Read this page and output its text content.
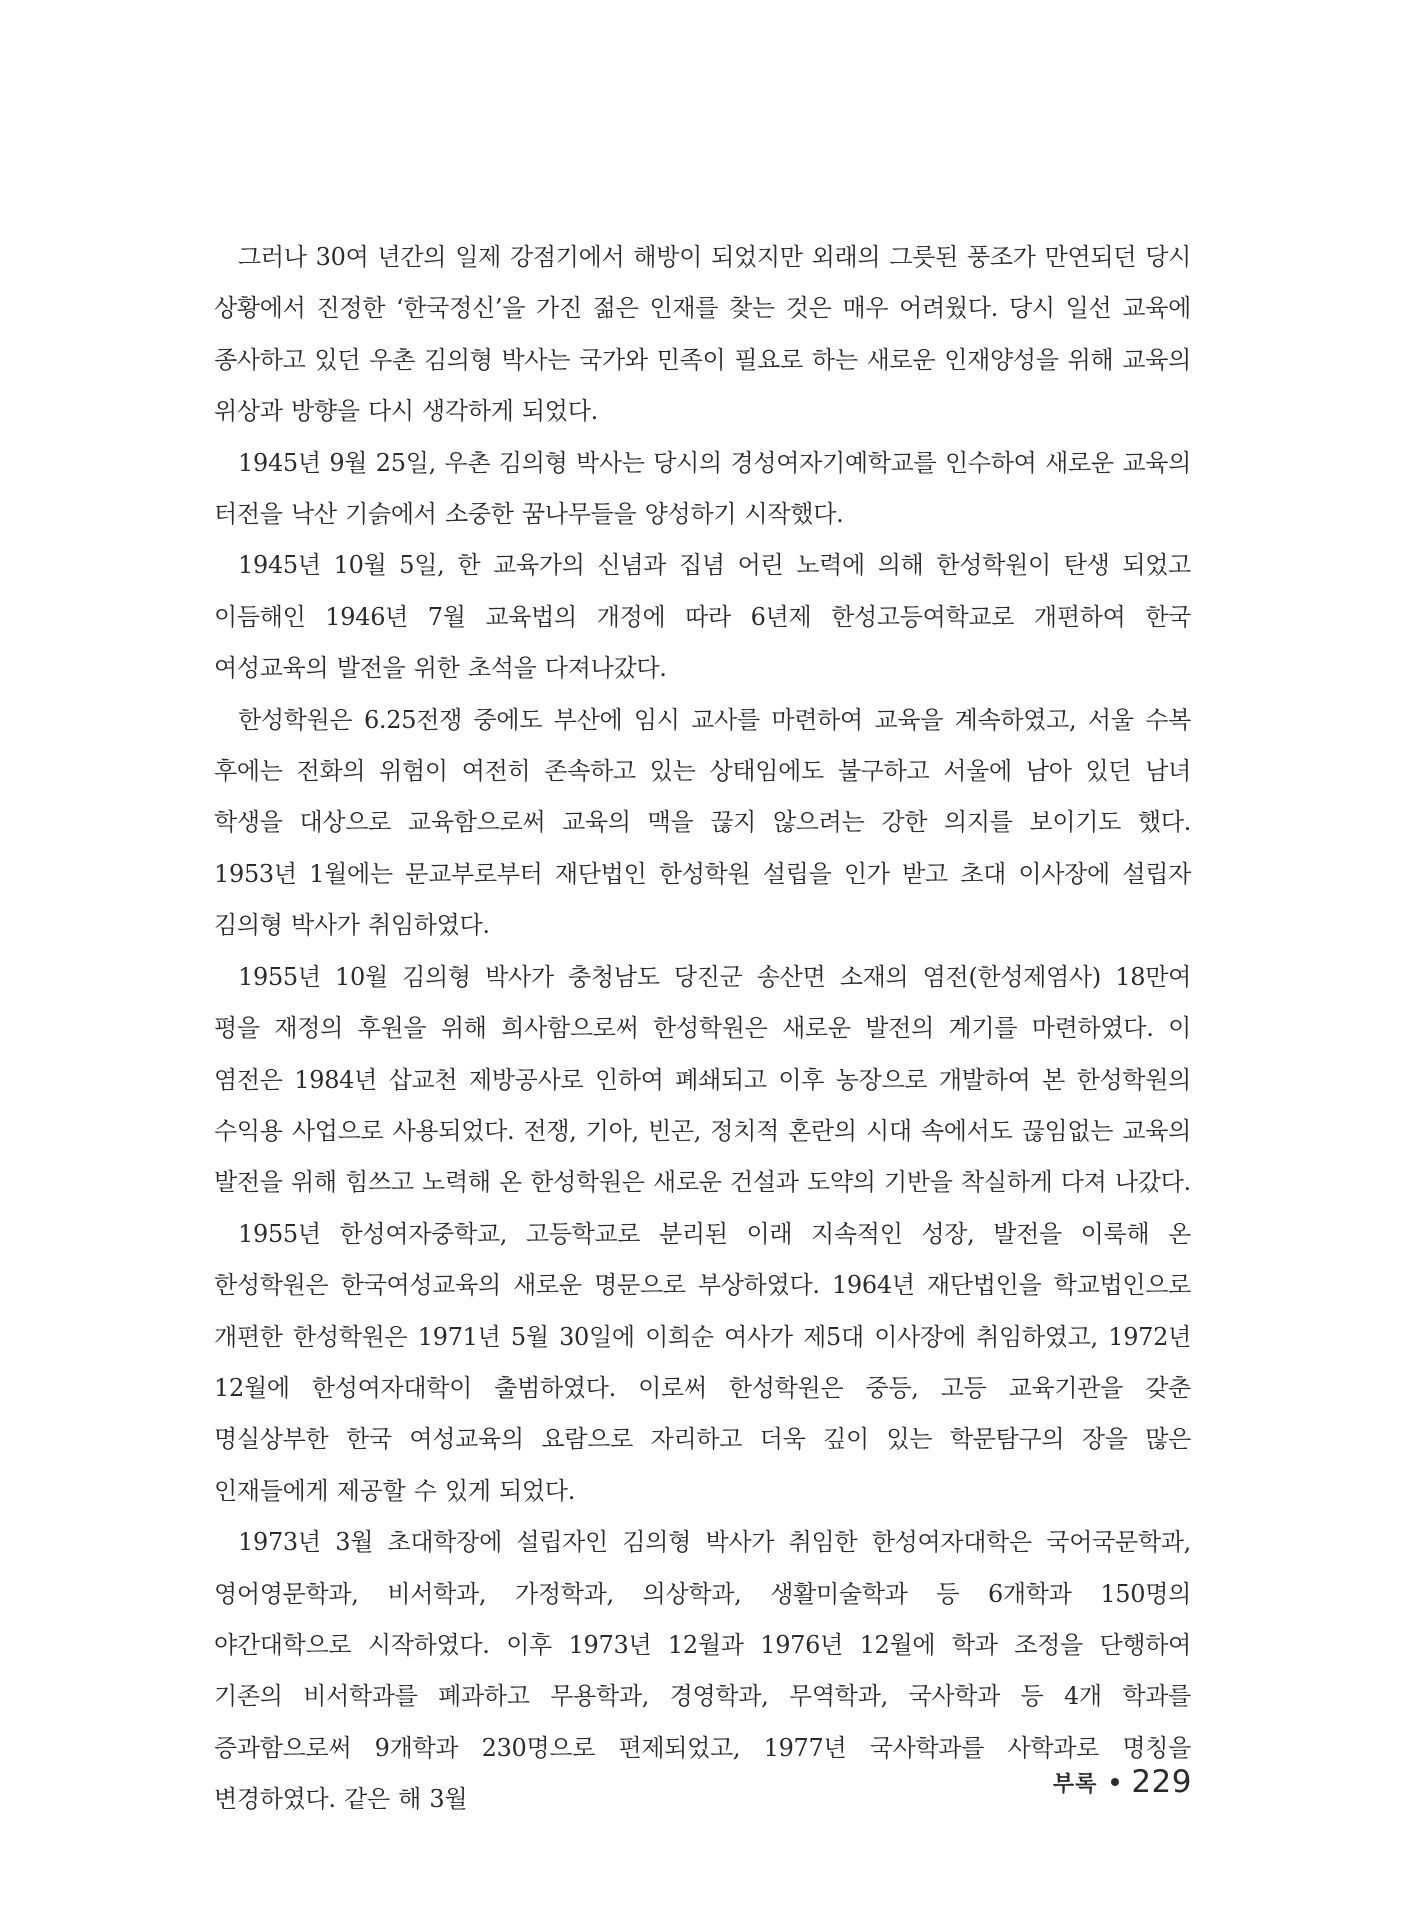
그러나 30여 년간의 일제 강점기에서 해방이 되었지만 외래의 그릇된 풍조가 만연되던 당시 상황에서 진정한 ‘한국정신’을 가진 젊은 인재를 찾는 것은 매우 어려웠다. 당시 일선 교육에 종사하고 있던 우촌 김의형 박사는 국가와 민족이 필요로 하는 새로운 인재양성을 위해 교육의 위상과 방향을 다시 생각하게 되었다.

1945년 9월 25일, 우촌 김의형 박사는 당시의 경성여자기예학교를 인수하여 새로운 교육의 터전을 낙산 기슭에서 소중한 꿈나무들을 양성하기 시작했다.

1945년 10월 5일, 한 교육가의 신념과 집념 어린 노력에 의해 한성학원이 탄생 되었고 이듬해인 1946년 7월 교육법의 개정에 따라 6년제 한성고등여학교로 개편하여 한국 여성교육의 발전을 위한 초석을 다져나갔다.

한성학원은 6.25전쟁 중에도 부산에 임시 교사를 마련하여 교육을 계속하였고, 서울 수복 후에는 전화의 위험이 여전히 존속하고 있는 상태임에도 불구하고 서울에 남아 있던 남녀 학생을 대상으로 교육함으로써 교육의 맥을 끊지 않으려는 강한 의지를 보이기도 했다. 1953년 1월에는 문교부로부터 재단법인 한성학원 설립을 인가 받고 초대 이사장에 설립자 김의형 박사가 취임하였다.

1955년 10월 김의형 박사가 충청남도 당진군 송산면 소재의 염전(한성제염사) 18만여 평을 재정의 후원을 위해 희사함으로써 한성학원은 새로운 발전의 계기를 마련하였다. 이 염전은 1984년 삽교천 제방공사로 인하여 폐쇄되고 이후 농장으로 개발하여 본 한성학원의 수익용 사업으로 사용되었다. 전쟁, 기아, 빈곤, 정치적 혼란의 시대 속에서도 끊임없는 교육의 발전을 위해 힘쓰고 노력해 온 한성학원은 새로운 건설과 도약의 기반을 착실하게 다져 나갔다.

1955년 한성여자중학교, 고등학교로 분리된 이래 지속적인 성장, 발전을 이룩해 온 한성학원은 한국여성교육의 새로운 명문으로 부상하였다. 1964년 재단법인을 학교법인으로 개편한 한성학원은 1971년 5월 30일에 이희순 여사가 제5대 이사장에 취임하였고, 1972년 12월에 한성여자대학이 출범하였다. 이로써 한성학원은 중등, 고등 교육기관을 갖춘 명실상부한 한국 여성교육의 요람으로 자리하고 더욱 깊이 있는 학문탐구의 장을 많은 인재들에게 제공할 수 있게 되었다.

1973년 3월 초대학장에 설립자인 김의형 박사가 취임한 한성여자대학은 국어국문학과, 영어영문학과, 비서학과, 가정학과, 의상학과, 생활미술학과 등 6개학과 150명의 야간대학으로 시작하였다. 이후 1973년 12월과 1976년 12월에 학과 조정을 단행하여 기존의 비서학과를 폐과하고 무용학과, 경영학과, 무역학과, 국사학과 등 4개 학과를 증과함으로써 9개학과 230명으로 편제되었고, 1977년 국사학과를 사학과로 명칭을 변경하였다. 같은 해 3월

부록 229
